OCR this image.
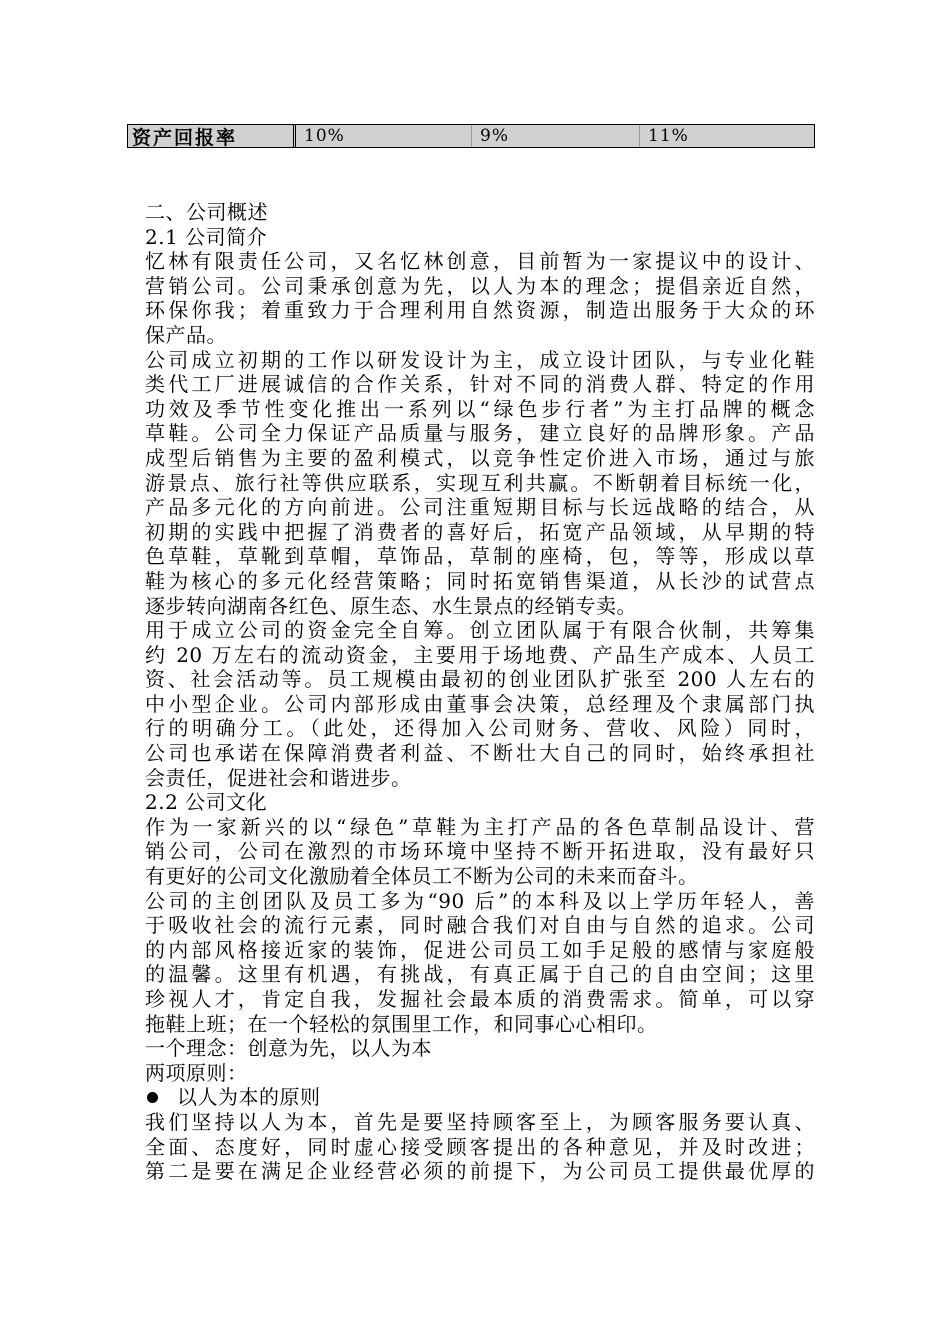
资产回报率	10%	9%	11%
二、公司概述
2.1 公司简介
忆林有限责任公司，又名忆林创意，目前暂为一家提议中的设计、
营销公司。公司秉承创意为先，以人为本的理念；提倡亲近自然，
环保你我；着重致力于合理利用自然资源，制造出服务于大众的环
保产品。
公司成立初期的工作以研发设计为主，成立设计团队，与专业化鞋
类代工厂进展诚信的合作关系，针对不同的消费人群、特定的作用
功效及季节性变化推出一系列以“绿色步行者”为主打品牌的概念
草鞋。公司全力保证产品质量与服务，建立良好的品牌形象。产品
成型后销售为主要的盈利模式，以竞争性定价进入市场，通过与旅
游景点、旅行社等供应联系，实现互利共赢。不断朝着目标统一化，
产品多元化的方向前进。公司注重短期目标与长远战略的结合，从
初期的实践中把握了消费者的喜好后，拓宽产品领域，从早期的特
色草鞋，草靴到草帽，草饰品，草制的座椅，包，等等，形成以草
鞋为核心的多元化经营策略；同时拓宽销售渠道，从长沙的试营点
逐步转向湖南各红色、原生态、水生景点的经销专卖。
用于成立公司的资金完全自筹。创立团队属于有限合伙制，共筹集
约 20 万左右的流动资金，主要用于场地费、产品生产成本、人员工
资、社会活动等。员工规模由最初的创业团队扩张至 200 人左右的
中小型企业。公司内部形成由董事会决策，总经理及个隶属部门执
行的明确分工。（此处，还得加入公司财务、营收、风险）同时，
公司也承诺在保障消费者利益、不断壮大自己的同时，始终承担社
会责任，促进社会和谐进步。
2.2 公司文化
作为一家新兴的以“绿色”草鞋为主打产品的各色草制品设计、营
销公司，公司在激烈的市场环境中坚持不断开拓进取，没有最好只
有更好的公司文化激励着全体员工不断为公司的未来而奋斗。
公司的主创团队及员工多为“90 后”的本科及以上学历年轻人，善
于吸收社会的流行元素，同时融合我们对自由与自然的追求。公司
的内部风格接近家的装饰，促进公司员工如手足般的感情与家庭般
的温馨。这里有机遇，有挑战，有真正属于自己的自由空间；这里
珍视人才，肯定自我，发掘社会最本质的消费需求。简单，可以穿
拖鞋上班；在一个轻松的氛围里工作，和同事心心相印。
一个理念：创意为先，以人为本
两项原则：
以人为本的原则
我们坚持以人为本，首先是要坚持顾客至上，为顾客服务要认真、
全面、态度好，同时虚心接受顾客提出的各种意见，并及时改进；
第二是要在满足企业经营必须的前提下，为公司员工提供最优厚的
